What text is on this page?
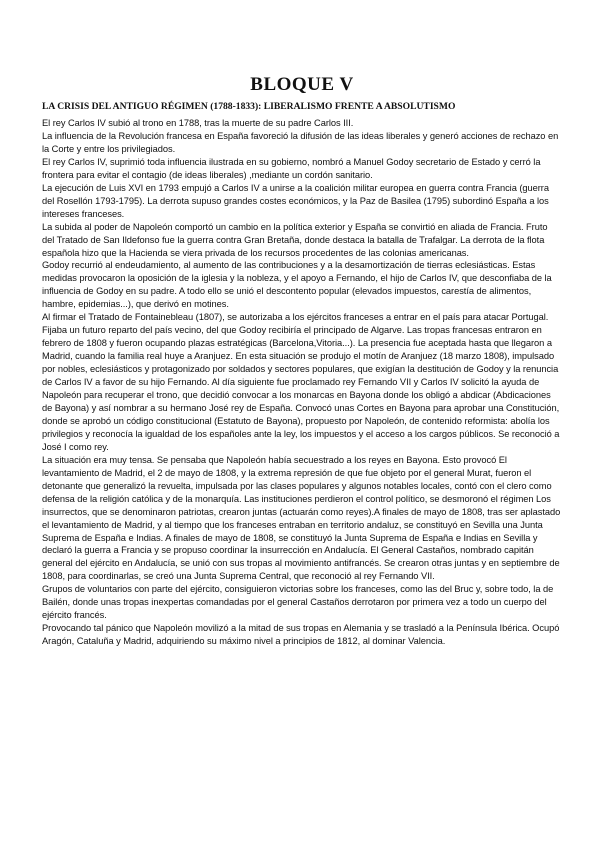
BLOQUE V
LA CRISIS DEL ANTIGUO RÉGIMEN (1788-1833): LIBERALISMO FRENTE A ABSOLUTISMO

El rey Carlos IV subió al trono en 1788, tras la muerte de su padre Carlos III.

La influencia de la Revolución francesa en España favoreció la difusión de las ideas liberales y generó acciones de rechazo en la Corte y entre los privilegiados.

El rey Carlos IV, suprimió toda influencia ilustrada en su gobierno, nombró a Manuel Godoy secretario de Estado y cerró la frontera para evitar el contagio (de ideas liberales) ,mediante un cordón sanitario.

La ejecución de Luis XVI en 1793 empujó a Carlos IV a unirse a la coalición militar europea en guerra contra Francia (guerra del Rosellón 1793-1795). La derrota supuso grandes costes económicos, y la Paz de Basilea (1795) subordinó España a los intereses franceses.

La subida al poder de Napoleón comportó un cambio en la política exterior y España se convirtió en aliada de Francia. Fruto del Tratado de San Ildefonso fue la guerra contra Gran Bretaña, donde destaca la batalla de Trafalgar. La derrota de la flota española hizo que la Hacienda se viera privada de los recursos procedentes de las colonias americanas.

Godoy recurrió al endeudamiento, al aumento de las contribuciones y a la desamortización de tierras eclesiásticas. Estas medidas provocaron la oposición de la iglesia y la nobleza, y el apoyo a Fernando, el hijo de Carlos IV, que desconfiaba de la influencia de Godoy en su padre. A todo ello se unió el descontento popular (elevados impuestos, carestía de alimentos, hambre, epidemias...), que derivó en motines.

Al firmar el Tratado de Fontainebleau (1807), se autorizaba a los ejércitos franceses a entrar en el país para atacar Portugal. Fijaba un futuro reparto del país vecino, del que Godoy recibiría el principado de Algarve. Las tropas francesas entraron en febrero de 1808 y fueron ocupando plazas estratégicas (Barcelona,Vitoria...). La presencia fue aceptada hasta que llegaron a Madrid, cuando la familia real huye a Aranjuez. En esta situación se produjo el motín de Aranjuez (18 marzo 1808), impulsado por nobles, eclesiásticos y protagonizado por soldados y sectores populares, que exigían la destitución de Godoy y la renuncia de Carlos IV a favor de su hijo Fernando. Al día siguiente fue proclamado rey Fernando VII y Carlos IV solicitó la ayuda de Napoleón para recuperar el trono, que decidió convocar a los monarcas en Bayona donde los obligó a abdicar (Abdicaciones de Bayona) y así nombrar a su hermano José rey de España. Convocó unas Cortes en Bayona para aprobar una Constitución, donde se aprobó un código constitucional (Estatuto de Bayona), propuesto por Napoleón, de contenido reformista: abolía los privilegios y reconocía la igualdad de los españoles ante la ley, los impuestos y el acceso a los cargos públicos. Se reconoció a José I como rey.

La situación era muy tensa. Se pensaba que Napoleón había secuestrado a los reyes en Bayona. Esto provocó El levantamiento de Madrid, el 2 de mayo de 1808, y la extrema represión de que fue objeto por el general Murat, fueron el detonante que generalizó la revuelta, impulsada por las clases populares y algunos notables locales, contó con el clero como defensa de la religión católica y de la monarquía. Las instituciones perdieron el control político, se desmoronó el régimen Los insurrectos, que se denominaron patriotas, crearon juntas (actuarán como reyes).A finales de mayo de 1808, tras ser aplastado el levantamiento de Madrid, y al tiempo que los franceses entraban en territorio andaluz, se constituyó en Sevilla una Junta Suprema de España e Indias. A finales de mayo de 1808, se constituyó la Junta Suprema de España e Indias en Sevilla y declaró la guerra a Francia y se propuso coordinar la insurrección en Andalucía. El General Castaños, nombrado capitán general del ejército en Andalucía, se unió con sus tropas al movimiento antifrancés. Se crearon otras juntas y en septiembre de 1808, para coordinarlas, se creó una Junta Suprema Central, que reconoció al rey Fernando VII.

Grupos de voluntarios con parte del ejército, consiguieron victorias sobre los franceses, como las del Bruc y, sobre todo, la de Bailén, donde unas tropas inexpertas comandadas por el general Castaños derrotaron por primera vez a todo un cuerpo del ejército francés.

Provocando tal pánico que Napoleón movilizó a la mitad de sus tropas en Alemania y se trasladó a la Península Ibérica. Ocupó Aragón, Cataluña y Madrid, adquiriendo su máximo nivel a principios de 1812, al dominar Valencia.
